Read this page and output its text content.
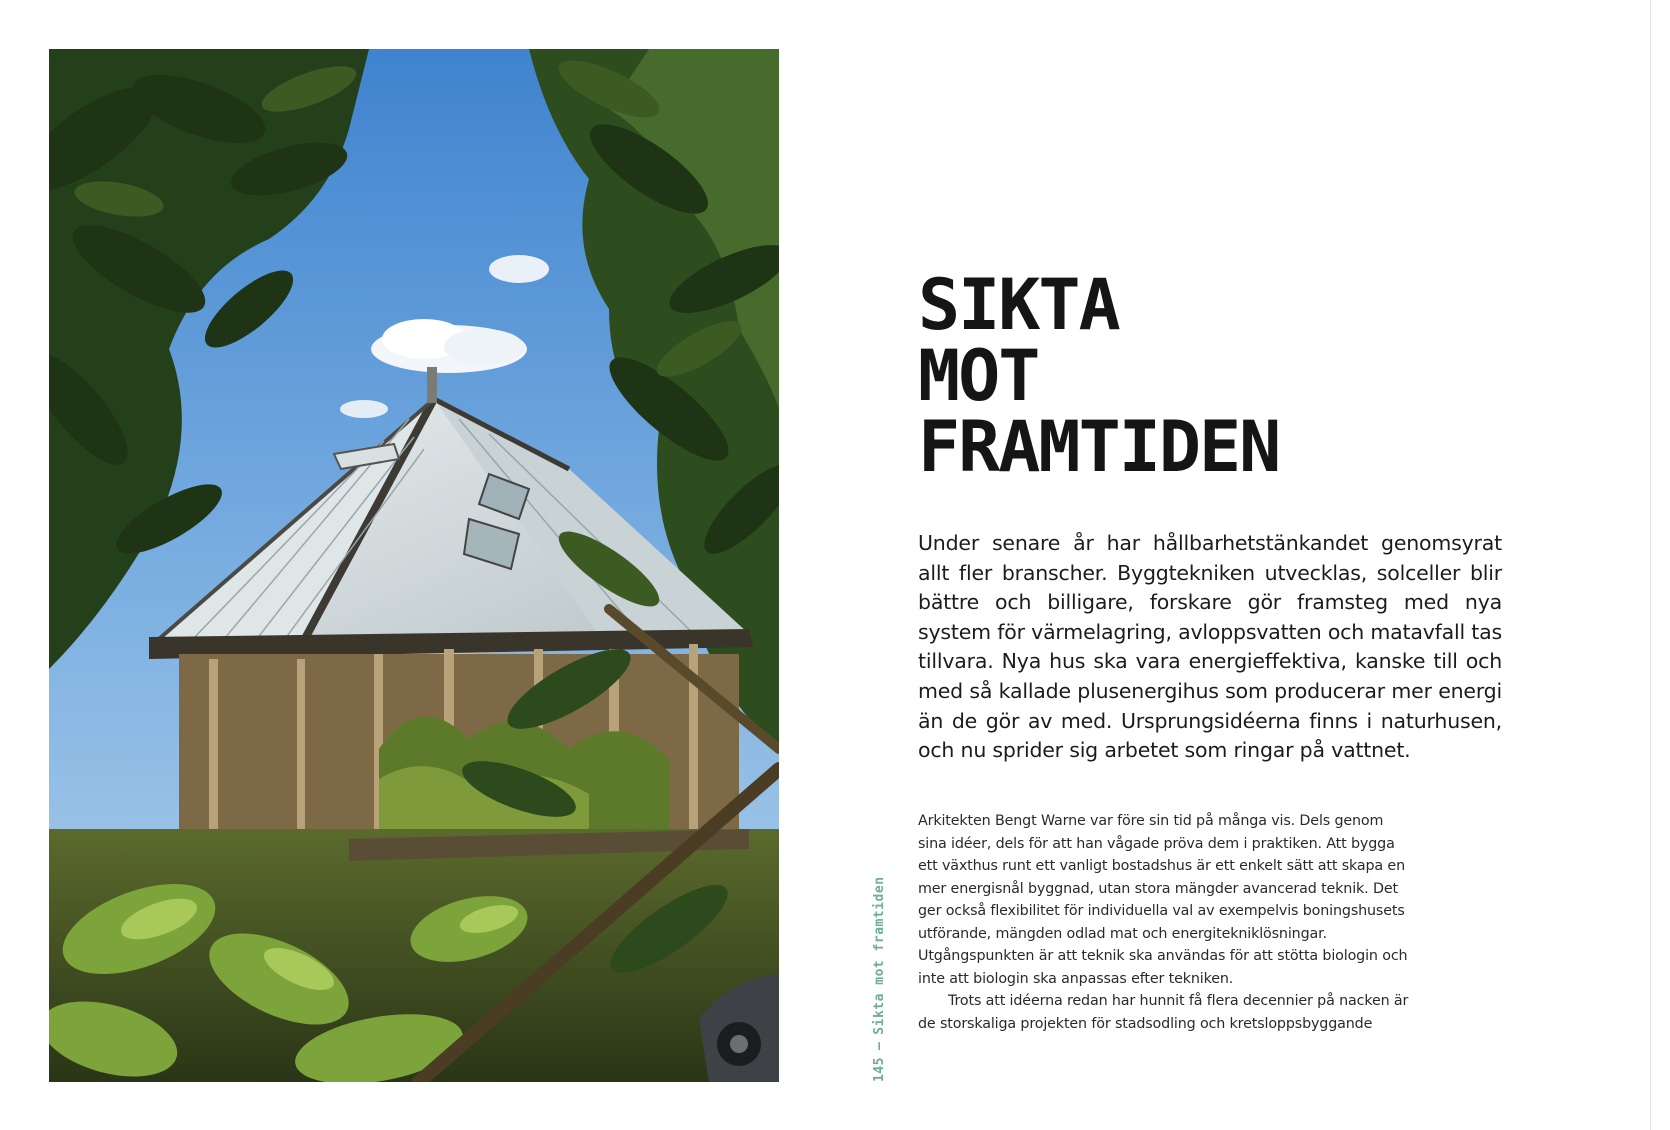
145—Sikta mot framtiden
SIKTA
MOT
FRAMTIDEN

Under senare år har hållbarhetstänkandet genomsyrat allt fler branscher. Byggtekniken utvecklas, solceller blir bättre och billigare, forskare gör framsteg med nya system för värmelagring, avloppsvatten och matavfall tas tillvara. Nya hus ska vara energieffektiva, kanske till och med så kallade plusenergihus som producerar mer energi än de gör av med. Ursprungsidéerna finns i naturhusen, och nu sprider sig arbetet som ringar på vattnet.

Arkitekten Bengt Warne var före sin tid på många vis. Dels genom sina idéer, dels för att han vågade pröva dem i praktiken. Att bygga ett växthus runt ett vanligt bostadshus är ett enkelt sätt att skapa en mer energisnål byggnad, utan stora mängder avancerad teknik. Det ger också flexibilitet för individuella val av exempelvis boningshusets utförande, mängden odlad mat och energitekniklösningar. Utgångspunkten är att teknik ska användas för att stötta biologin och inte att biologin ska anpassas efter tekniken.

Trots att idéerna redan har hunnit få flera decennier på nacken är de storskaliga projekten för stadsodling och kretsloppsbyggande
